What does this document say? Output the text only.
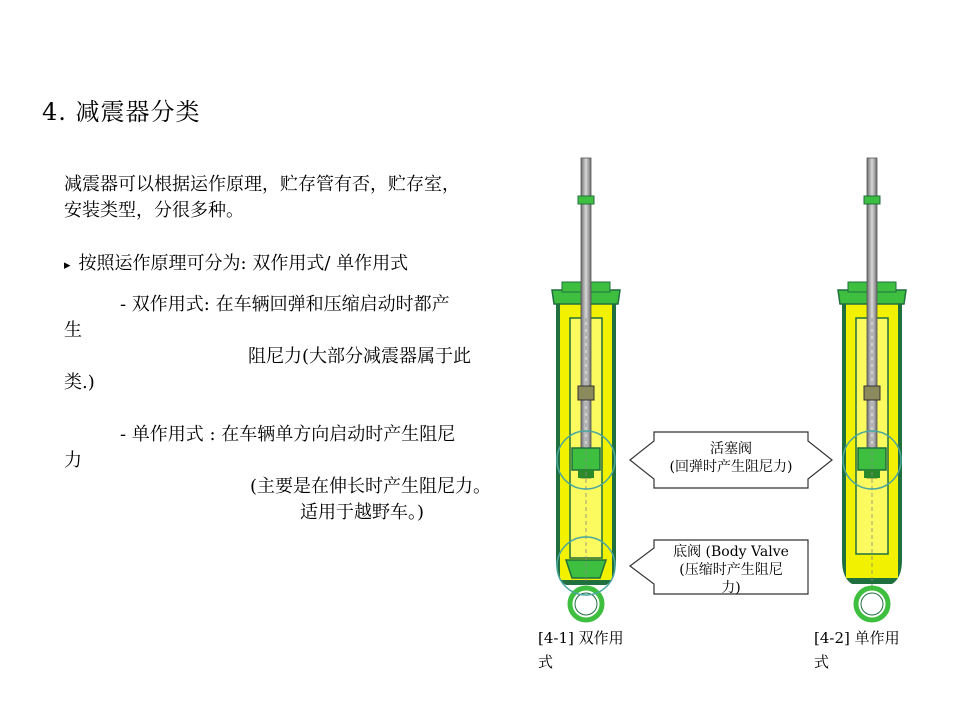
4. 减震器分类
减震器可以根据运作原理，贮存管有否，贮存室，
安装类型，分很多种。
▸ 按照运作原理可分为: 双作用式/ 单作用式
- 双作用式: 在车辆回弹和压缩启动时都产
生
阻尼力(大部分减震器属于此
类.)
- 单作用式 : 在车辆单方向启动时产生阻尼
力
(主要是在伸长时产生阻尼力。
适用于越野车。)
活塞阀
(回弹时产生阻尼力)
底阀 (Body Valve
(压缩时产生阻尼
力)
[4-1] 双作用
式
[4-2] 单作用
式
